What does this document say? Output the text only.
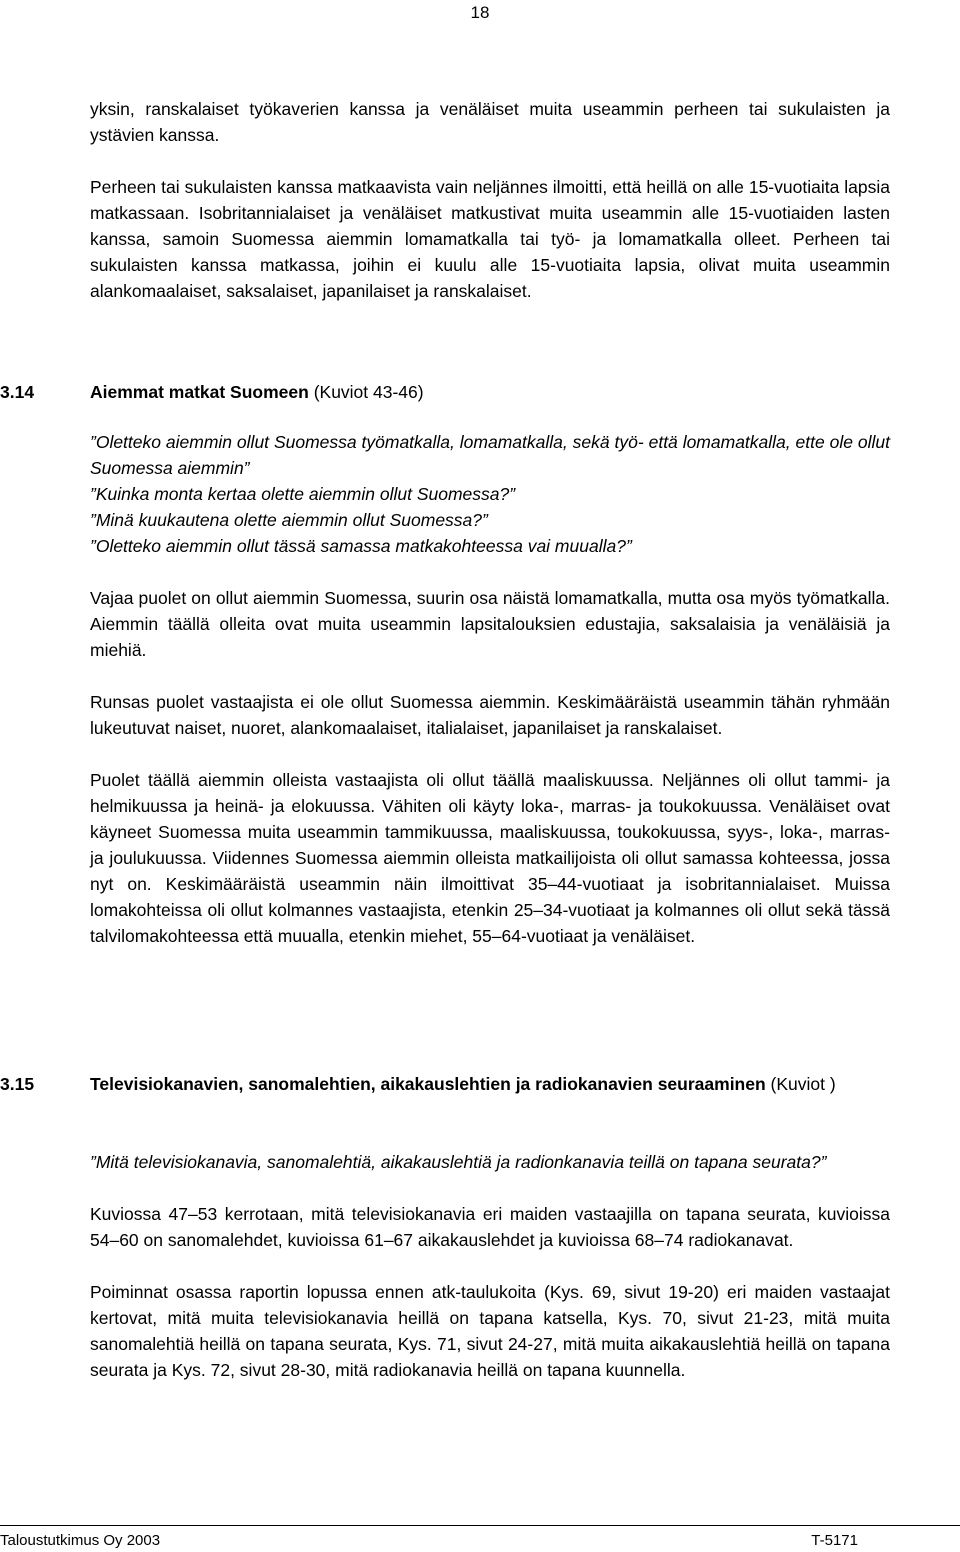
18

yksin, ranskalaiset työkaverien kanssa ja venäläiset muita useammin perheen tai sukulaisten ja ystävien kanssa.

Perheen tai sukulaisten kanssa matkaavista vain neljännes ilmoitti, että heillä on alle 15-vuotiaita lapsia matkassaan. Isobritannialaiset ja venäläiset matkustivat muita useammin alle 15-vuotiaiden lasten kanssa, samoin Suomessa aiemmin lomamatkalla tai työ- ja lomamatkalla olleet. Perheen tai sukulaisten kanssa matkassa, joihin ei kuulu alle 15-vuotiaita lapsia, olivat muita useammin alankomaalaiset, saksalaiset, japanilaiset ja ranskalaiset.

3.14	Aiemmat matkat Suomeen (Kuviot 43-46)
”Oletteko aiemmin ollut Suomessa työmatkalla, lomamatkalla, sekä työ- että lomamatkalla, ette ole ollut Suomessa aiemmin”
”Kuinka monta kertaa olette aiemmin ollut Suomessa?”
”Minä kuukautena olette aiemmin ollut Suomessa?”
”Oletteko aiemmin ollut tässä samassa matkakohteessa vai muualla?”

Vajaa puolet on ollut aiemmin Suomessa, suurin osa näistä lomamatkalla, mutta osa myös työmatkalla. Aiemmin täällä olleita ovat muita useammin lapsitalouksien edustajia, saksalaisia ja venäläisiä ja miehiä.

Runsas puolet vastaajista ei ole ollut Suomessa aiemmin. Keskimääräistä useammin tähän ryhmään lukeutuvat naiset, nuoret, alankomaalaiset, italialaiset, japanilaiset ja ranskalaiset.

Puolet täällä aiemmin olleista vastaajista oli ollut täällä maaliskuussa. Neljännes oli ollut tammi- ja helmikuussa ja heinä- ja elokuussa. Vähiten oli käyty loka-, marras- ja toukokuussa. Venäläiset ovat käyneet Suomessa muita useammin tammikuussa, maaliskuussa, toukokuussa, syys-, loka-, marras- ja joulukuussa. Viidennes Suomessa aiemmin olleista matkailijoista oli ollut samassa kohteessa, jossa nyt on. Keskimääräistä useammin näin ilmoittivat 35–44-vuotiaat ja isobritannialaiset. Muissa lomakohteissa oli ollut kolmannes vastaajista, etenkin 25–34-vuotiaat ja kolmannes oli ollut sekä tässä talvilomakohteessa että muualla, etenkin miehet, 55–64-vuotiaat ja venäläiset.

3.15	Televisiokanavien, sanomalehtien, aikakauslehtien ja radiokanavien seuraaminen (Kuviot )
”Mitä televisiokanavia, sanomalehtiä, aikakauslehtiä ja radionkanavia teillä on tapana seurata?”

Kuviossa 47–53 kerrotaan, mitä televisiokanavia eri maiden vastaajilla on tapana seurata, kuvioissa 54–60 on sanomalehdet, kuvioissa 61–67 aikakauslehdet ja kuvioissa 68–74 radiokanavat.

Poiminnat osassa raportin lopussa ennen atk-taulukoita (Kys. 69, sivut 19-20) eri maiden vastaajat kertovat, mitä muita televisiokanavia heillä on tapana katsella, Kys. 70, sivut 21-23, mitä muita sanomalehtiä heillä on tapana seurata, Kys. 71, sivut 24-27, mitä muita aikakauslehtiä heillä on tapana seurata ja Kys. 72, sivut 28-30, mitä radiokanavia heillä on tapana kuunnella.

Taloustutkimus Oy 2003	T-5171
